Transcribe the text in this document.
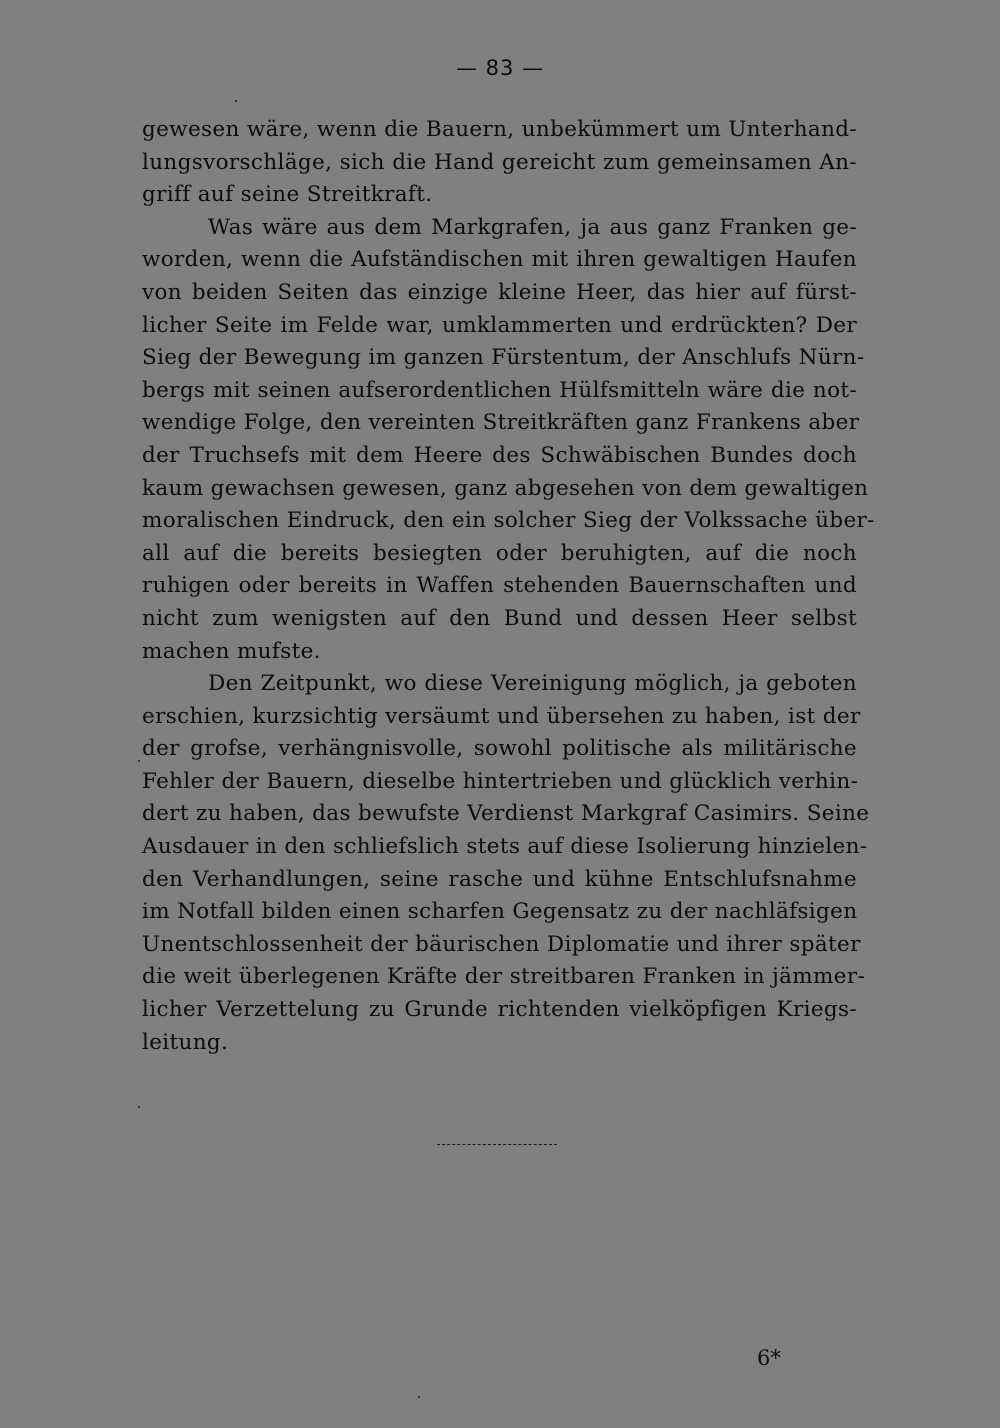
— 83 —
gewesen wäre, wenn die Bauern, unbekümmert um Unterhand-
lungsvorschläge, sich die Hand gereicht zum gemeinsamen An-
griff auf seine Streitkraft.
Was wäre aus dem Markgrafen, ja aus ganz Franken ge-
worden, wenn die Aufständischen mit ihren gewaltigen Haufen
von beiden Seiten das einzige kleine Heer, das hier auf fürst-
licher Seite im Felde war, umklammerten und erdrückten? Der
Sieg der Bewegung im ganzen Fürstentum, der Anschlufs Nürn-
bergs mit seinen aufserordentlichen Hülfsmitteln wäre die not-
wendige Folge, den vereinten Streitkräften ganz Frankens aber
der Truchsefs mit dem Heere des Schwäbischen Bundes doch
kaum gewachsen gewesen, ganz abgesehen von dem gewaltigen
moralischen Eindruck, den ein solcher Sieg der Volkssache über-
all auf die bereits besiegten oder beruhigten, auf die noch
ruhigen oder bereits in Waffen stehenden Bauernschaften und
nicht zum wenigsten auf den Bund und dessen Heer selbst
machen mufste.
Den Zeitpunkt, wo diese Vereinigung möglich, ja geboten
erschien, kurzsichtig versäumt und übersehen zu haben, ist der
der grofse, verhängnisvolle, sowohl politische als militärische
Fehler der Bauern, dieselbe hintertrieben und glücklich verhin-
dert zu haben, das bewufste Verdienst Markgraf Casimirs. Seine
Ausdauer in den schliefslich stets auf diese Isolierung hinzielen-
den Verhandlungen, seine rasche und kühne Entschlufsnahme
im Notfall bilden einen scharfen Gegensatz zu der nachläfsigen
Unentschlossenheit der bäurischen Diplomatie und ihrer später
die weit überlegenen Kräfte der streitbaren Franken in jämmer-
licher Verzettelung zu Grunde richtenden vielköpfigen Kriegs-
leitung.
6*
